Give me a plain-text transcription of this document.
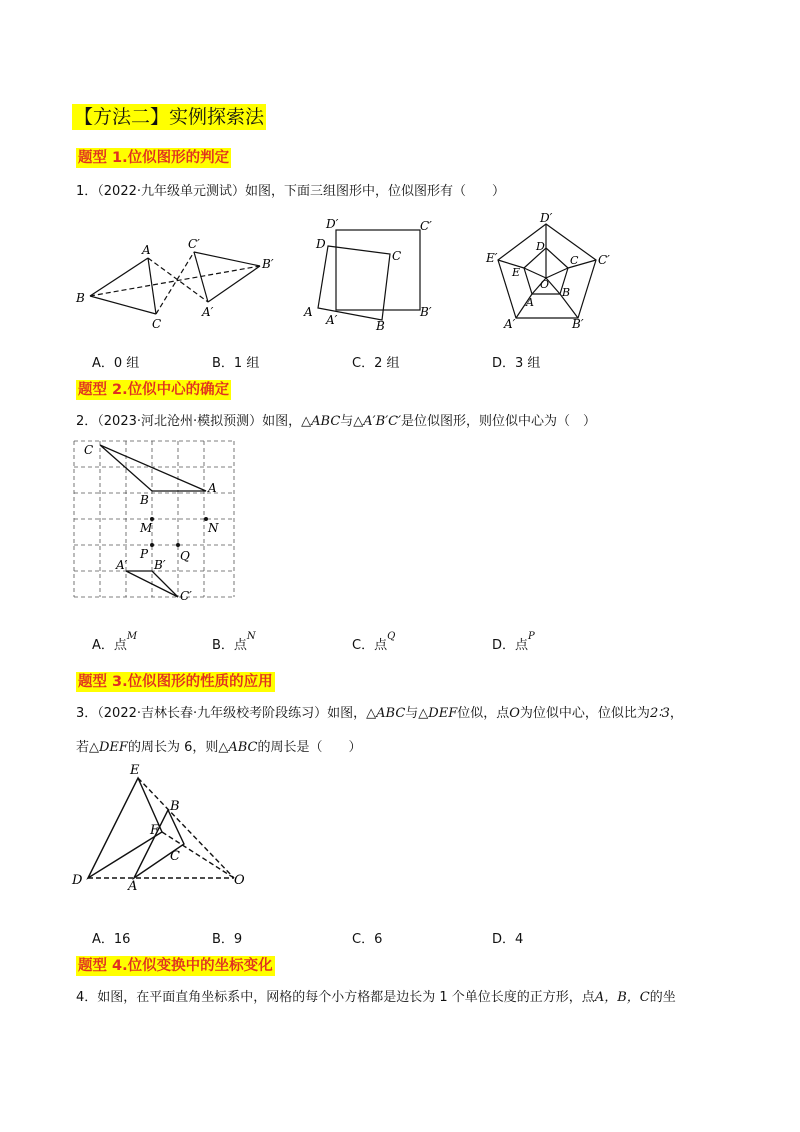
【方法二】实例探索法
题型 1.位似图形的判定
1．（2022·九年级单元测试）如图，下面三组图形中，位似图形有（　　）
A	C′
B′
B
C
A′
D′	C′
D
C
A
A′	B
B′
D′
D
E′	C C′
E
O
A
B
A′	B′
A．0 组	B．1 组	C．2 组	D．3 组
题型 2.位似中心的确定
2．（2023·河北沧州·模拟预测）如图，△ABC与△A′B′C′是位似图形，则位似中心为（　）
C
A
B
M	N
P	Q
A′ B′
C′
A．点$^M$
B．点$^N$
C．点$^Q$
D．点$^P$
题型 3.位似图形的性质的应用
3．（2022·吉林长春·九年级校考阶段练习）如图，△ABC与△DEF位似，点O为位似中心，位似比为2∶3，
若△DEF的周长为 6，则△ABC的周长是（　　）
E
B
F
C
D	A	O
A．16	B．9	C．6	D．4
题型 4.位似变换中的坐标变化
4．如图，在平面直角坐标系中，网格的每个小方格都是边长为 1 个单位长度的正方形，点A，B，C的坐
